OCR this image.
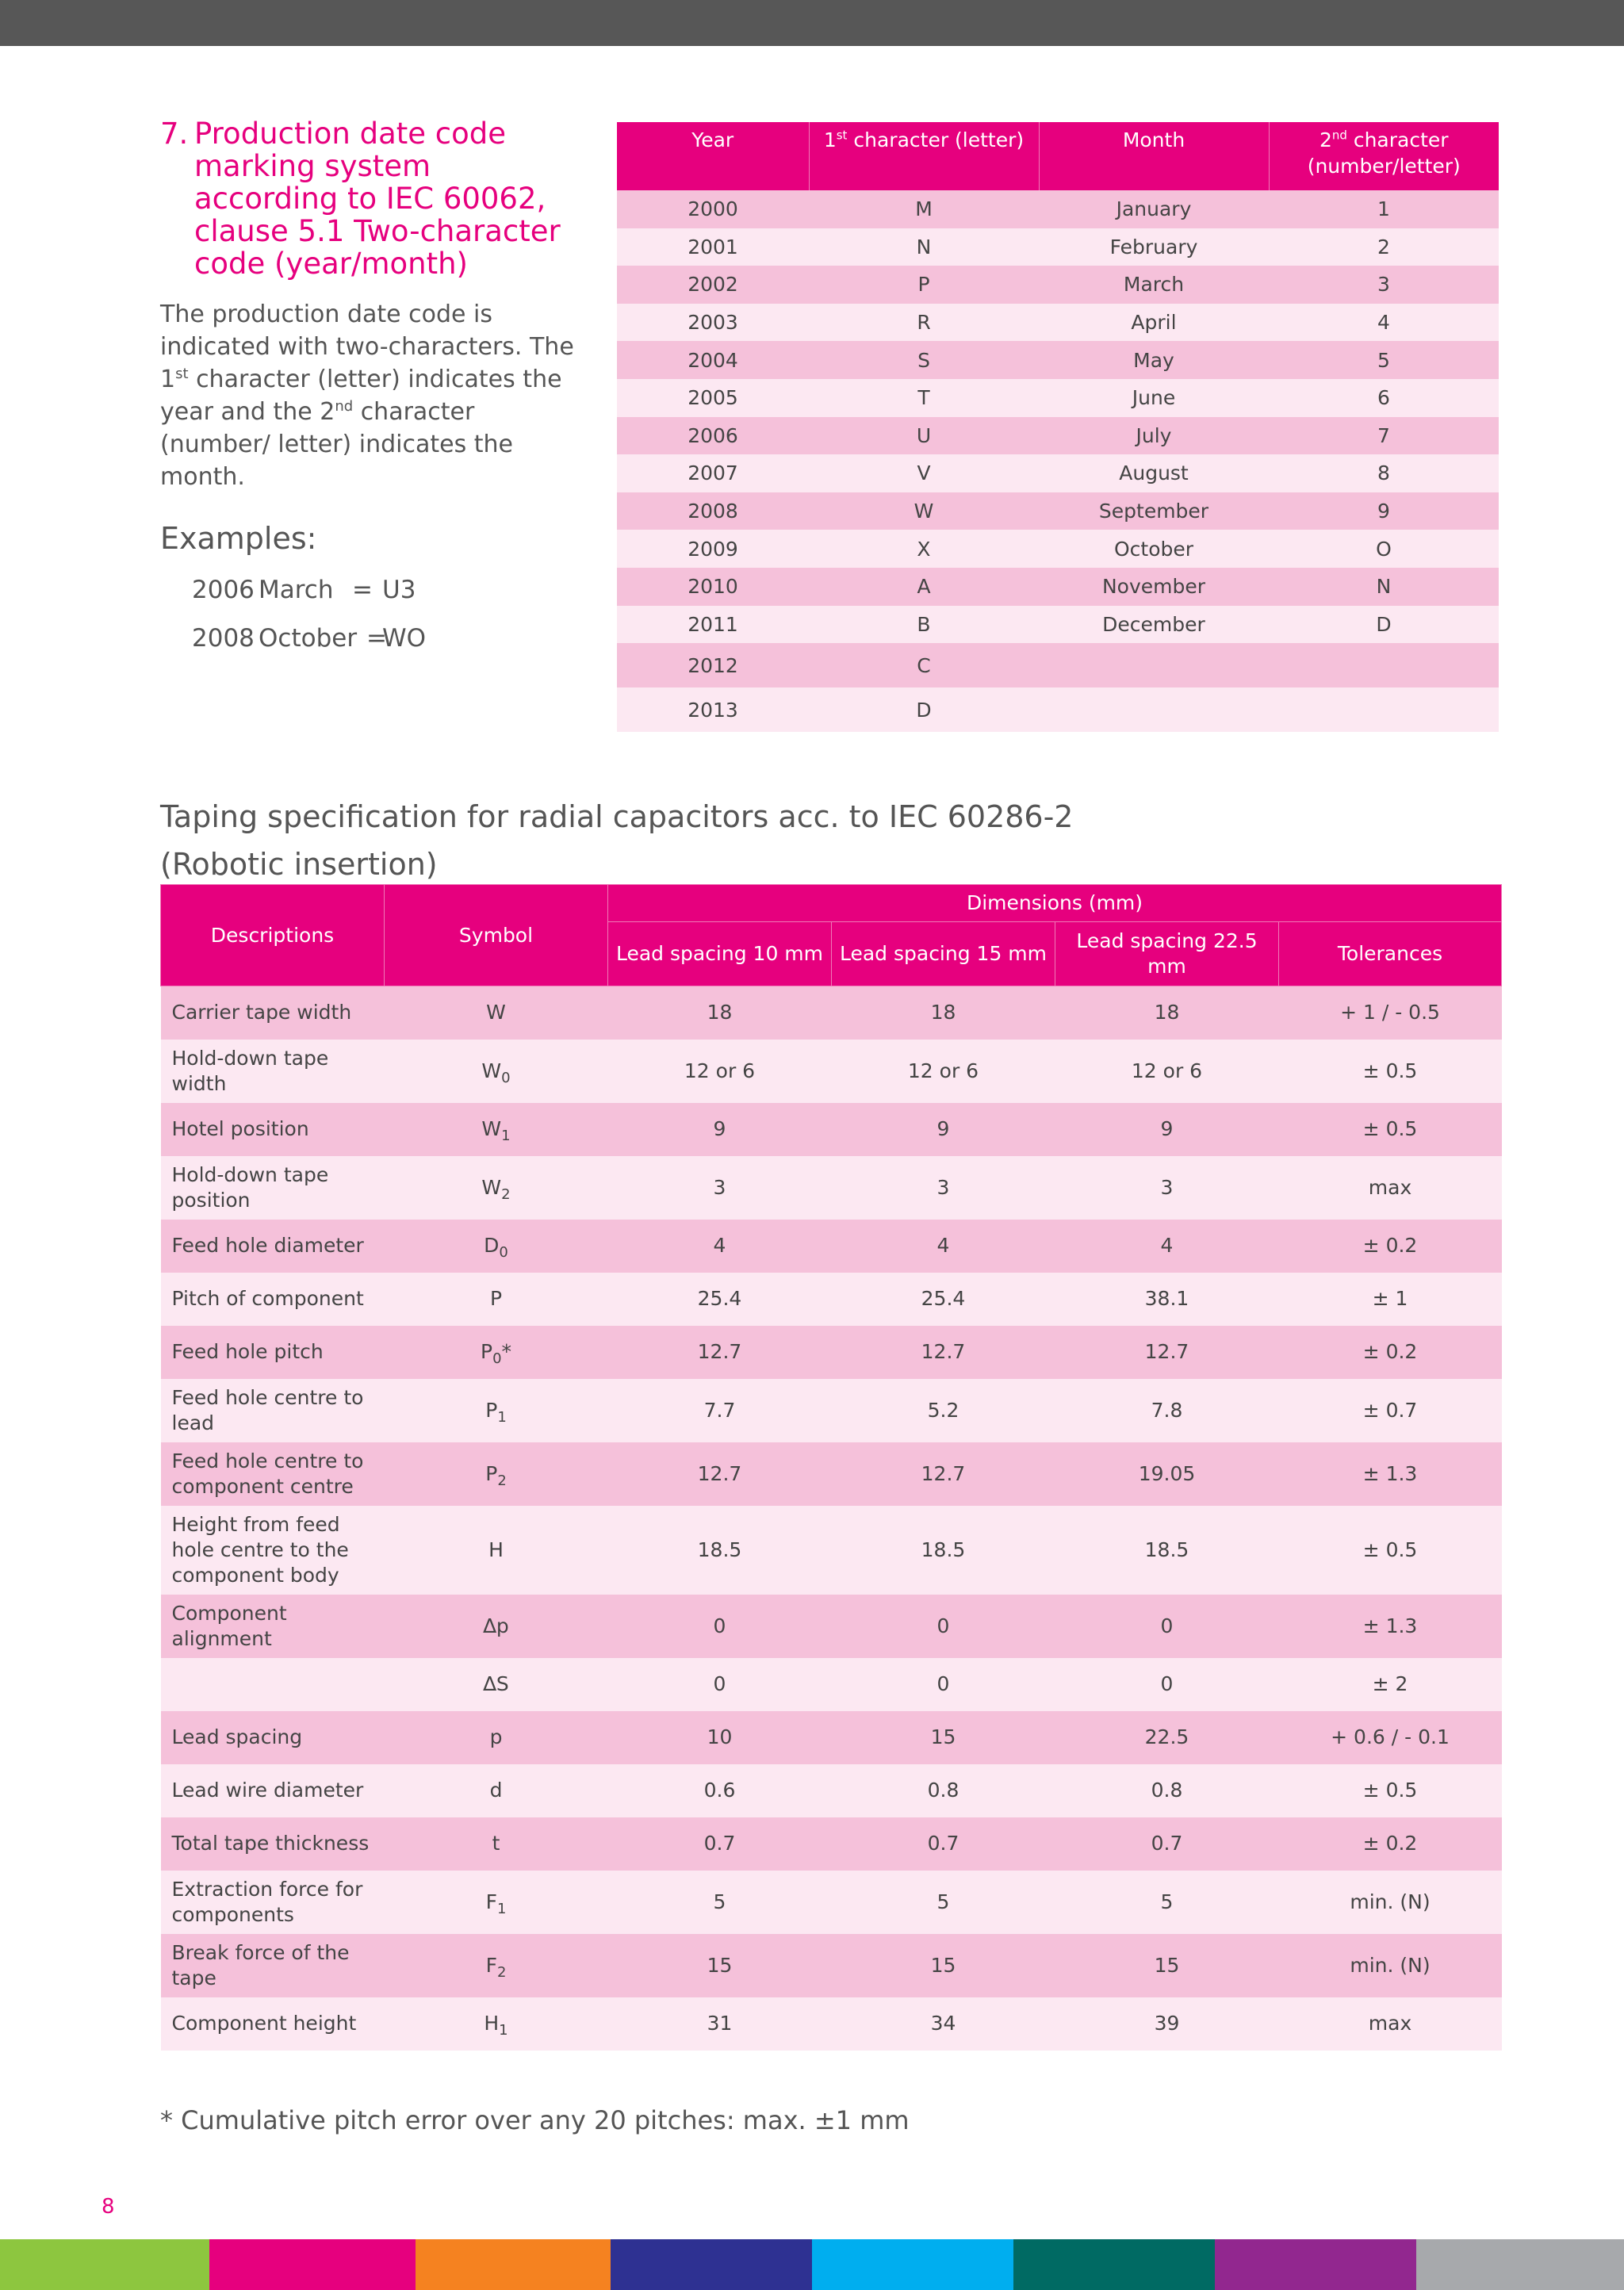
7. Production date code marking system according to IEC 60062, clause 5.1 Two-character code (year/month)

The production date code is indicated with two-characters. The 1st character (letter) indicates the year and the 2nd character (number/ letter) indicates the month.

Examples:
2006 March = U3
2008 October =WO
Year	1st character (letter)	Month	2nd character (number/letter)
2000	M	January	1
2001	N	February	2
2002	P	March	3
2003	R	April	4
2004	S	May	5
2005	T	June	6
2006	U	July	7
2007	V	August	8
2008	W	September	9
2009	X	October	O
2010	A	November	N
2011	B	December	D
2012	C		
2013	D		
Taping specification for radial capacitors acc. to IEC 60286-2
(Robotic insertion)
Descriptions	Symbol	Dimensions (mm)			
		Lead spacing 10 mm	Lead spacing 15 mm	Lead spacing 22.5 mm	Tolerances
Carrier tape width	W	18	18	18	+ 1 / - 0.5
Hold-down tape width	$W_0$	12 or 6	12 or 6	12 or 6	± 0.5
Hotel position	$W_1$	9	9	9	± 0.5
Hold-down tape position	$W_2$	3	3	3	max
Feed hole diameter	$D_0$	4	4	4	± 0.2
Pitch of component	P	25.4	25.4	38.1	± 1
Feed hole pitch	$P_0*$	12.7	12.7	12.7	± 0.2
Feed hole centre to lead	$P_1$	7.7	5.2	7.8	± 0.7
Feed hole centre to component centre	$P_2$	12.7	12.7	19.05	± 1.3
Height from feed hole centre to the component body	H	18.5	18.5	18.5	± 0.5
Component alignment	∆p	0	0	0	± 1.3
	∆S	0	0	0	± 2
Lead spacing	p	10	15	22.5	+ 0.6 / - 0.1
Lead wire diameter	d	0.6	0.8	0.8	± 0.5
Total tape thickness	t	0.7	0.7	0.7	± 0.2
Extraction force for components	$F_1$	5	5	5	min. (N)
Break force of the tape	$F_2$	15	15	15	min. (N)
Component height	$H_1$	31	34	39	max
* Cumulative pitch error over any 20 pitches: max. ±1 mm
8
